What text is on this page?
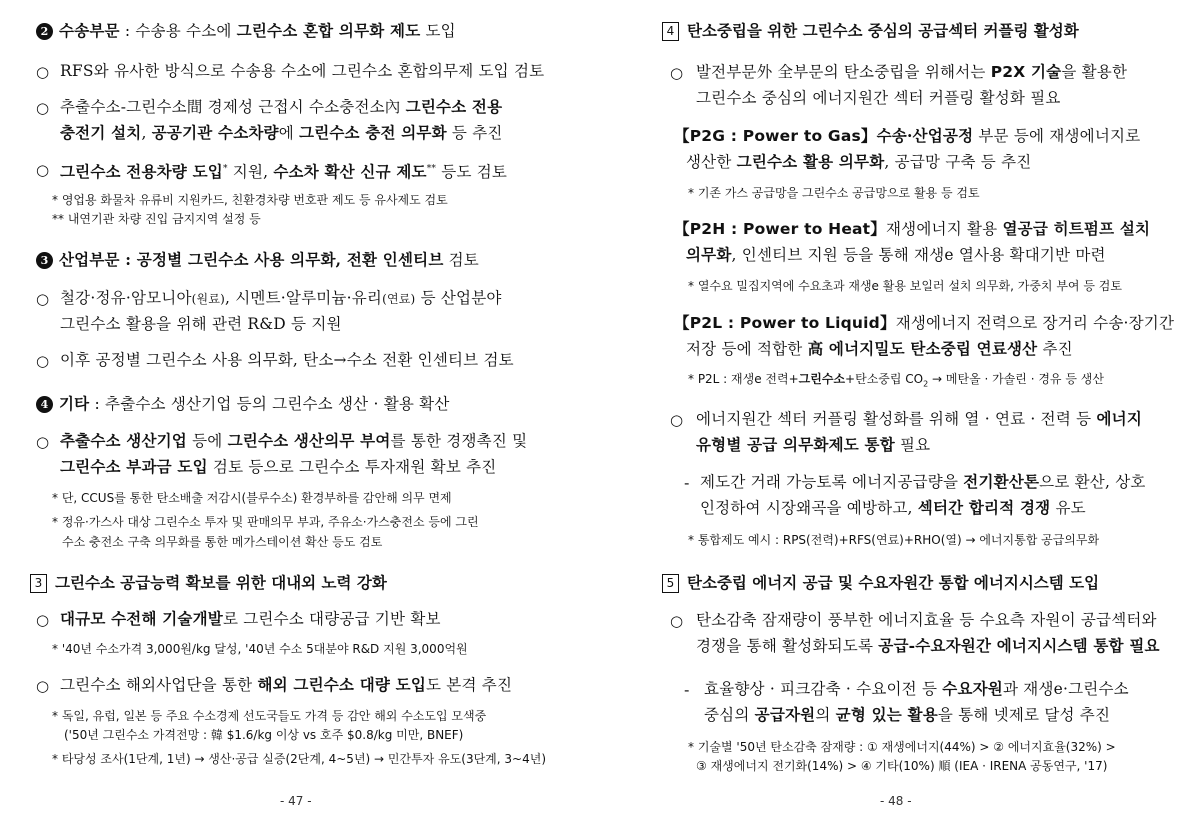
2 수송부문 : 수송용 수소에 그린수소 혼합 의무화 제도 도입
○ RFS와 유사한 방식으로 수송용 수소에 그린수소 혼합의무제 도입 검토
○ 추출수소-그린수소間 경제성 근접시 수소충전소內 그린수소 전용
충전기 설치, 공공기관 수소차량에 그린수소 충전 의무화 등 추진
○ 그린수소 전용차량 도입* 지원, 수소차 확산 신규 제도** 등도 검토
* 영업용 화물차 유류비 지원카드, 친환경차량 번호판 제도 등 유사제도 검토
** 내연기관 차량 진입 금지지역 설정 등
3 산업부문 : 공정별 그린수소 사용 의무화, 전환 인센티브 검토
○ 철강·정유·암모니아(원료), 시멘트·알루미늄·유리(연료) 등 산업분야
그린수소 활용을 위해 관련 R&D 등 지원
○ 이후 공정별 그린수소 사용 의무화, 탄소→수소 전환 인센티브 검토
4 기타 : 추출수소 생산기업 등의 그린수소 생산 · 활용 확산
○ 추출수소 생산기업 등에 그린수소 생산의무 부여를 통한 경쟁촉진 및
그린수소 부과금 도입 검토 등으로 그린수소 투자재원 확보 추진
* 단, CCUS를 통한 탄소배출 저감시(블루수소) 환경부하를 감안해 의무 면제
* 정유·가스사 대상 그린수소 투자 및 판매의무 부과, 주유소·가스충전소 등에 그린
수소 충전소 구축 의무화를 통한 메가스테이션 확산 등도 검토
3 그린수소 공급능력 확보를 위한 대내외 노력 강화
○ 대규모 수전해 기술개발로 그린수소 대량공급 기반 확보
* '40년 수소가격 3,000원/kg 달성, '40년 수소 5대분야 R&D 지원 3,000억원
○ 그린수소 해외사업단을 통한 해외 그린수소 대량 도입도 본격 추진
* 독일, 유럽, 일본 등 주요 수소경제 선도국들도 가격 등 감안 해외 수소도입 모색중
('50년 그린수소 가격전망 : 韓 $1.6/kg 이상 vs 호주 $0.8/kg 미만, BNEF)
* 타당성 조사(1단계, 1년) → 생산·공급 실증(2단계, 4~5년) → 민간투자 유도(3단계, 3~4년)
- 47 -
4 탄소중립을 위한 그린수소 중심의 공급섹터 커플링 활성화
○ 발전부문外 全부문의 탄소중립을 위해서는 P2X 기술을 활용한
그린수소 중심의 에너지원간 섹터 커플링 활성화 필요
【P2G : Power to Gas】수송·산업공정 부문 등에 재생에너지로
생산한 그린수소 활용 의무화, 공급망 구축 등 추진
* 기존 가스 공급망을 그린수소 공급망으로 활용 등 검토
【P2H : Power to Heat】재생에너지 활용 열공급 히트펌프 설치
의무화, 인센티브 지원 등을 통해 재생e 열사용 확대기반 마련
* 열수요 밀집지역에 수요초과 재생e 활용 보일러 설치 의무화, 가중치 부여 등 검토
【P2L : Power to Liquid】재생에너지 전력으로 장거리 수송·장기간
저장 등에 적합한 高 에너지밀도 탄소중립 연료생산 추진
* P2L : 재생e 전력+그린수소+탄소중립 $CO_2$ → 메탄올 · 가솔린 · 경유 등 생산
○ 에너지원간 섹터 커플링 활성화를 위해 열 · 연료 · 전력 등 에너지
유형별 공급 의무화제도 통합 필요
- 제도간 거래 가능토록 에너지공급량을 전기환산톤으로 환산, 상호
인정하여 시장왜곡을 예방하고, 섹터간 합리적 경쟁 유도
* 통합제도 예시 : RPS(전력)+RFS(연료)+RHO(열) → 에너지통합 공급의무화
5 탄소중립 에너지 공급 및 수요자원간 통합 에너지시스템 도입
○ 탄소감축 잠재량이 풍부한 에너지효율 등 수요측 자원이 공급섹터와
경쟁을 통해 활성화되도록 공급-수요자원간 에너지시스템 통합 필요
- 효율향상 · 피크감축 · 수요이전 등 수요자원과 재생e·그린수소
중심의 공급자원의 균형 있는 활용을 통해 넷제로 달성 추진
* 기술별 '50년 탄소감축 잠재량 : ① 재생에너지(44%) > ② 에너지효율(32%) >
③ 재생에너지 전기화(14%) > ④ 기타(10%) 順 (IEA · IRENA 공동연구, '17)
- 48 -
